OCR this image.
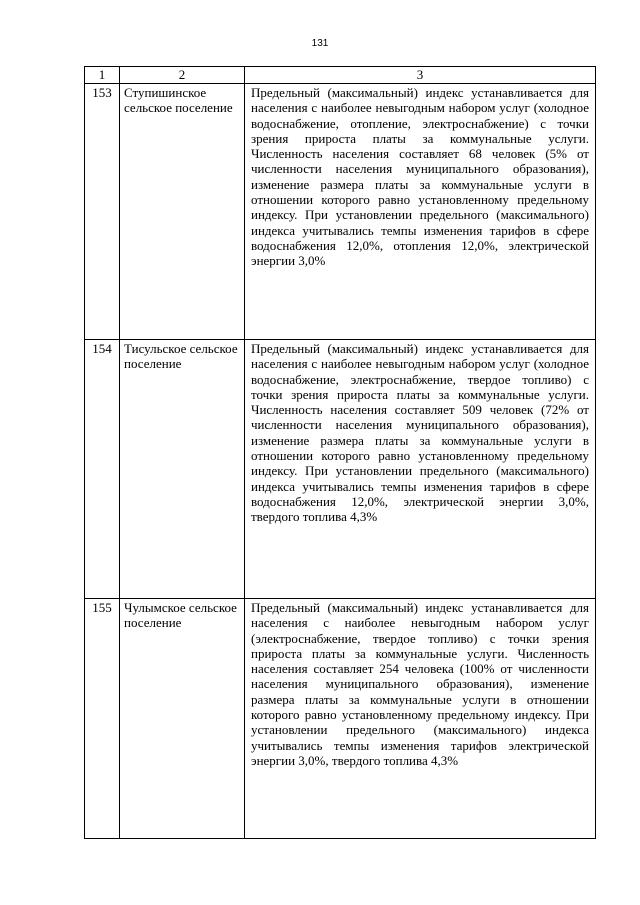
131
1	2	3
153	Ступишинское сельское поселение	Предельный (максимальный) индекс устанавливается для населения с наиболее невыгодным набором услуг (холодное водоснабжение, отопление, электроснабжение) с точки зрения прироста платы за коммунальные услуги. Численность населения составляет 68 человек (5% от численности населения муниципального образования), изменение размера платы за коммунальные услуги в отношении которого равно установленному предельному индексу. При установлении предельного (максимального) индекса учитывались темпы изменения тарифов в сфере водоснабжения 12,0%, отопления 12,0%, электрической энергии 3,0%
154	Тисульское сельское поселение	Предельный (максимальный) индекс устанавливается для населения с наиболее невыгодным набором услуг (холодное водоснабжение, электроснабжение, твердое топливо) с точки зрения прироста платы за коммунальные услуги. Численность населения составляет 509 человек (72% от численности населения муниципального образования), изменение размера платы за коммунальные услуги в отношении которого равно установленному предельному индексу. При установлении предельного (максимального) индекса учитывались темпы изменения тарифов в сфере водоснабжения 12,0%, электрической энергии 3,0%, твердого топлива 4,3%
155	Чулымское сельское поселение	Предельный (максимальный) индекс устанавливается для населения с наиболее невыгодным набором услуг (электроснабжение, твердое топливо) с точки зрения прироста платы за коммунальные услуги. Численность населения составляет 254 человека (100% от численности населения муниципального образования), изменение размера платы за коммунальные услуги в отношении которого равно установленному предельному индексу. При установлении предельного (максимального) индекса учитывались темпы изменения тарифов электрической энергии 3,0%, твердого топлива 4,3%
